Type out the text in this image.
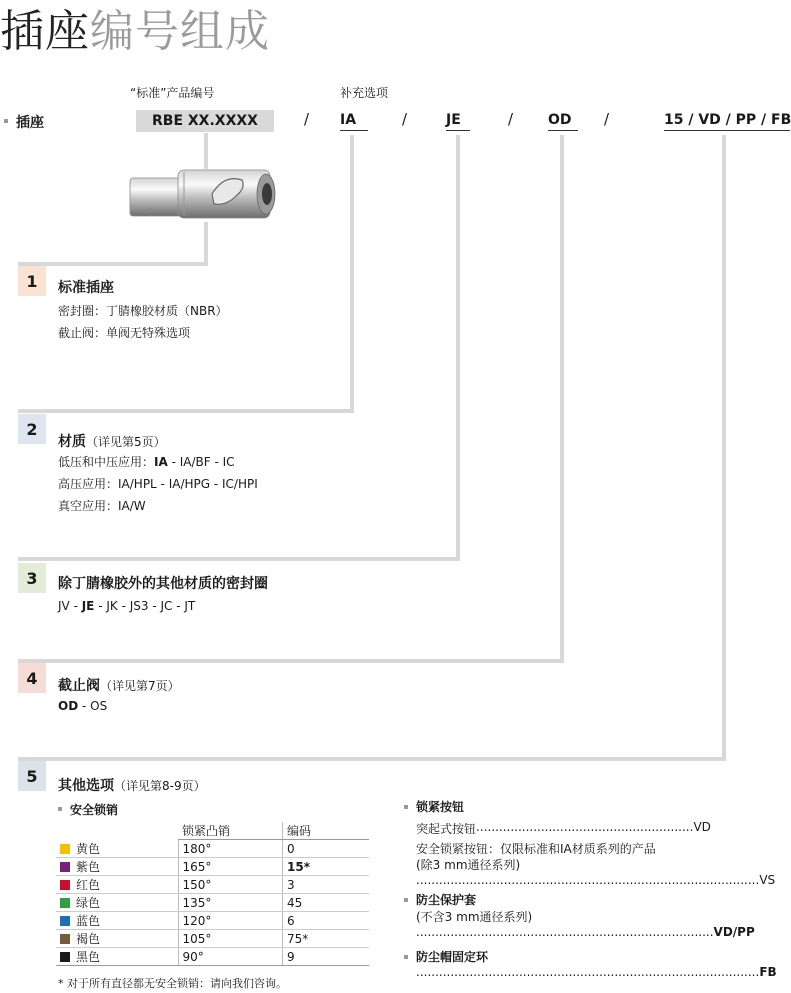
插座编号组成
“标准”产品编号	补充选项
插座	RBE XX.XXXX	/	/	/	/
IA	JE	OD	15 / VD / PP / FB
1	标准插座
密封圈：丁腈橡胶材质（NBR）
截止阀：单阀无特殊选项
2
材质（详见第5页）
低压和中压应用：IA - IA/BF - IC
高压应用：IA/HPL - IA/HPG - IC/HPI
真空应用：IA/W
3	除丁腈橡胶外的其他材质的密封圈
JV - JE - JK - JS3 - JC - JT
4	截止阀（详见第7页）
OD - OS
5
其他选项（详见第8-9页）
安全锁销
	锁紧凸销	编码
黄色	180°	0
紫色	165°	15*
红色	150°	3
绿色	135°	45
蓝色	120°	6
褐色	105°	75*
黑色	90°	9
* 对于所有直径都无安全锁销：请向我们咨询。
锁紧按钮
突起式按钮 ......................................................... VD
安全锁紧按钮：仅限标准和IA材质系列的产品
(除3 mm通径系列)
.......................................................................................... VS
防尘保护套
(不含3 mm通径系列)
.............................................................................. VD/PP
防尘帽固定环
.......................................................................................... FB
